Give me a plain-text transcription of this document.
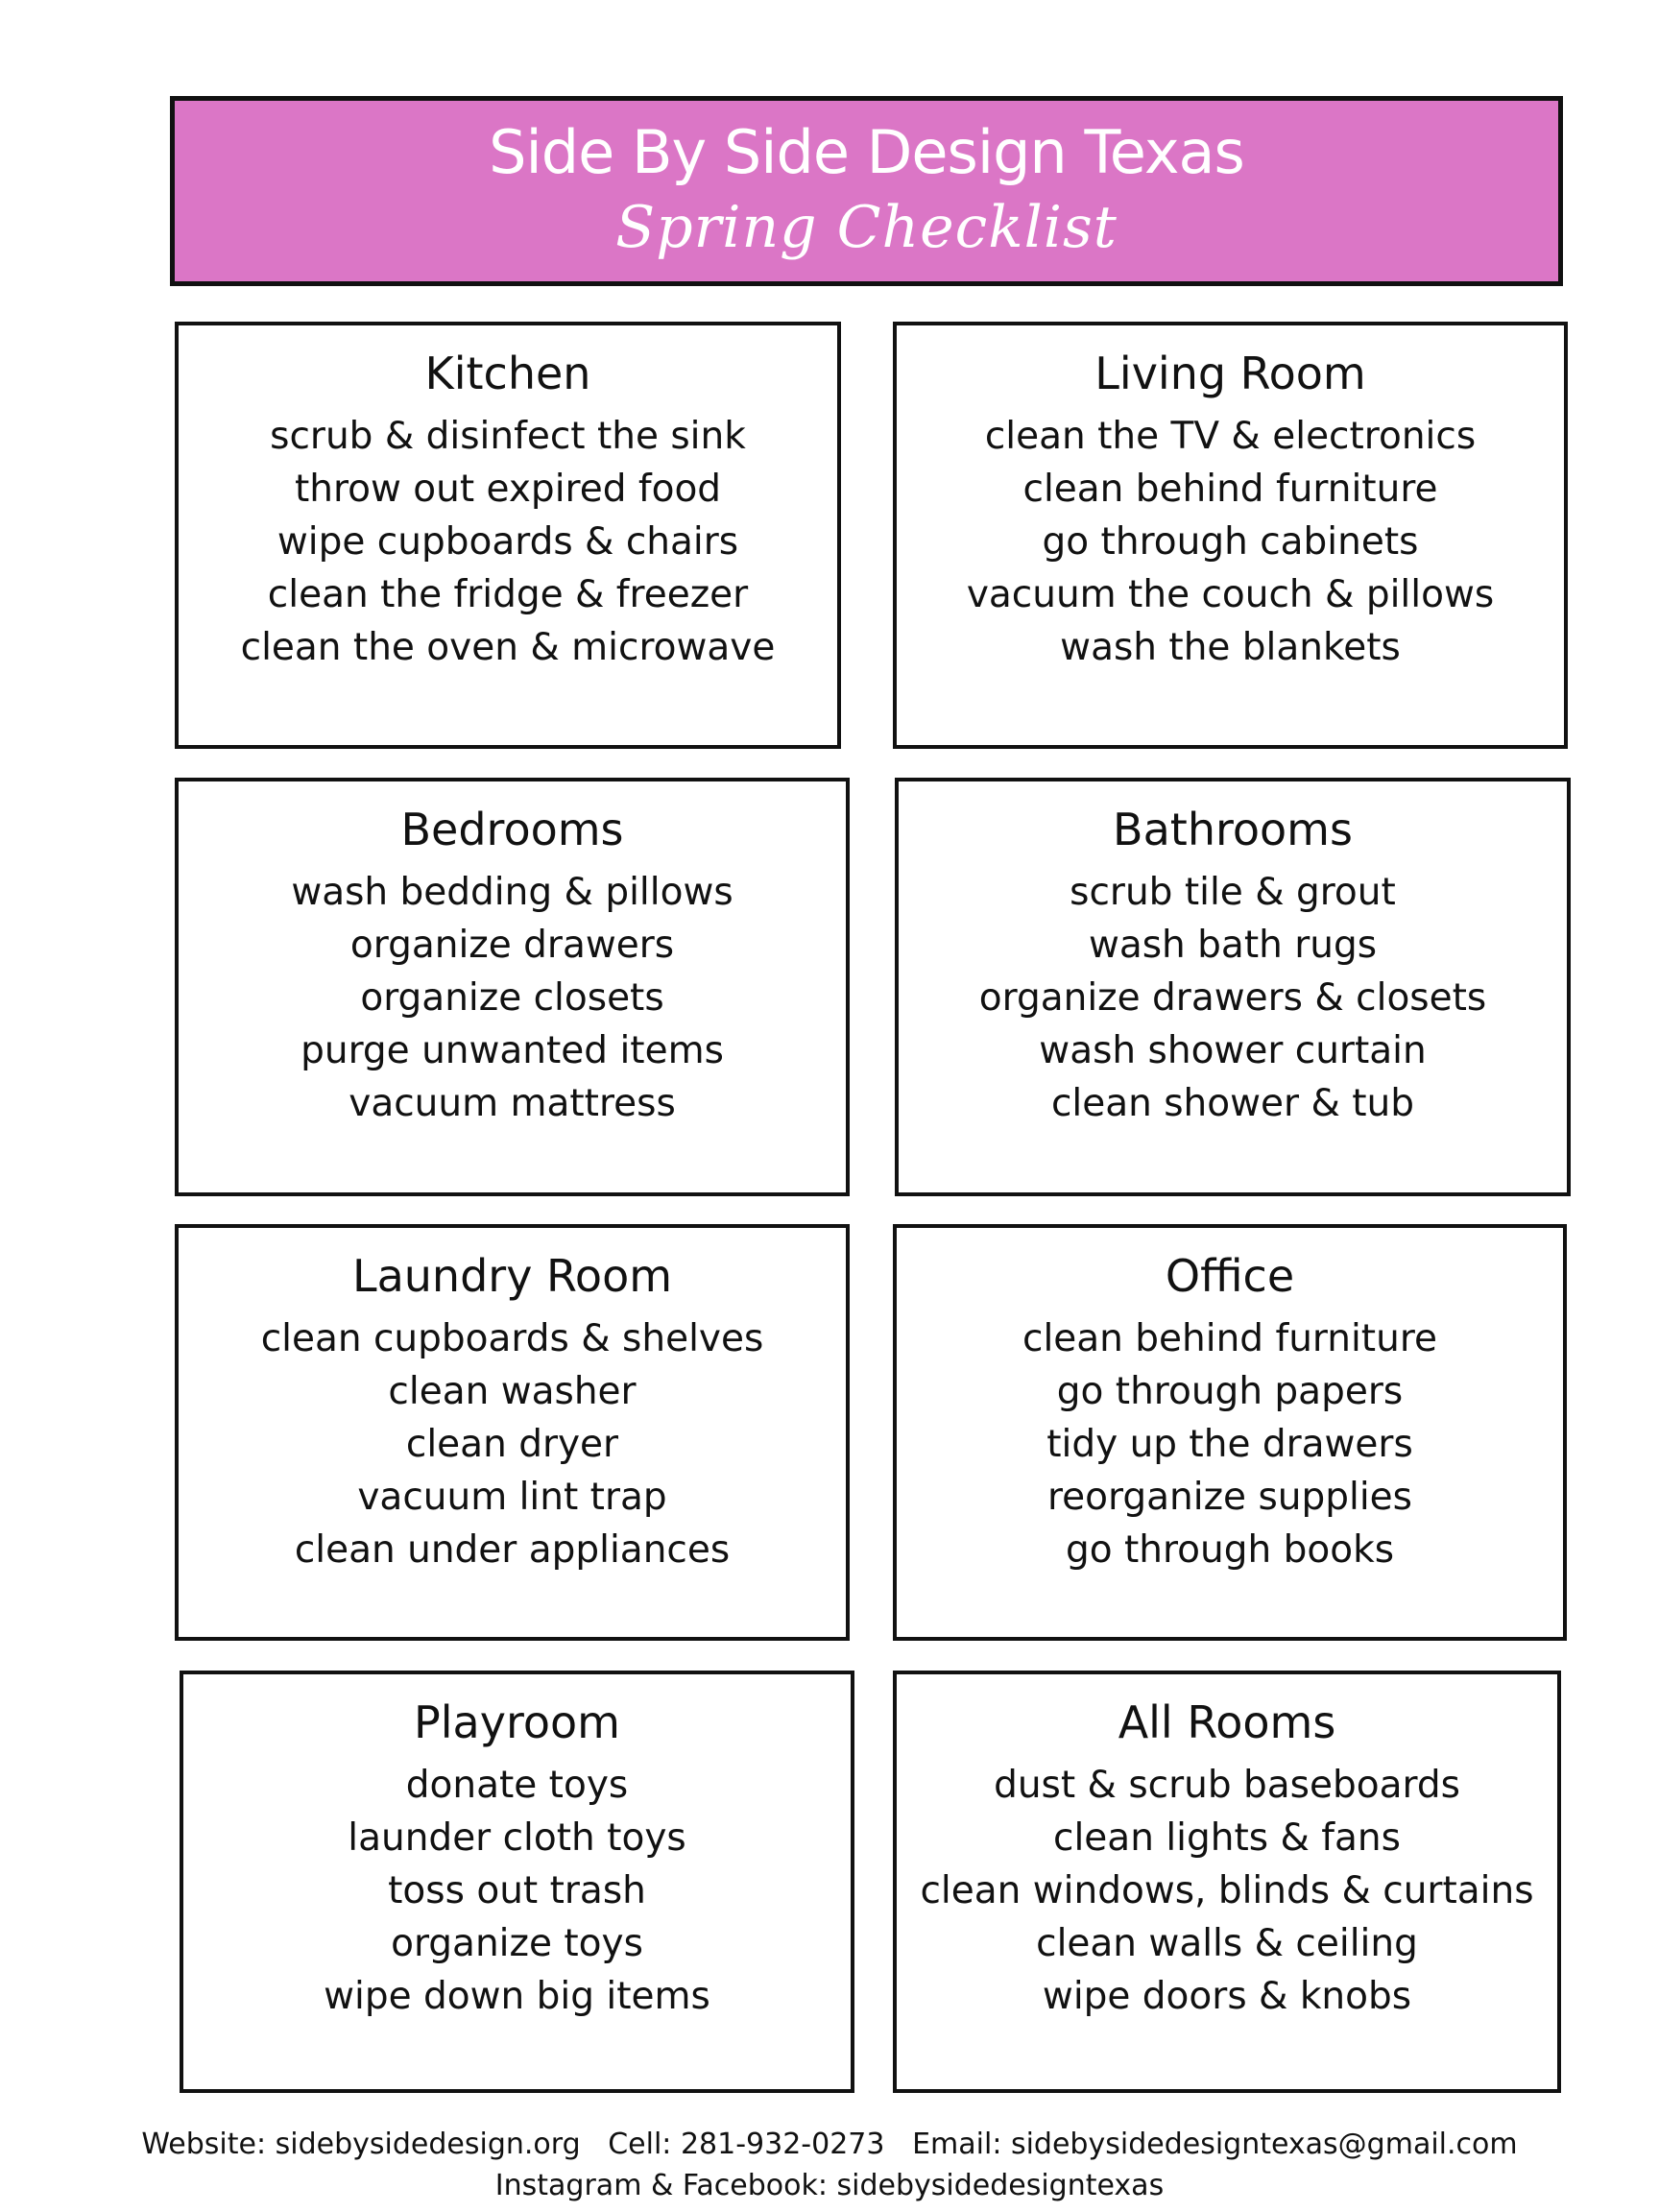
Side By Side Design Texas
Spring Checklist
Kitchen
scrub & disinfect the sink
throw out expired food
wipe cupboards & chairs
clean the fridge & freezer
clean the oven & microwave
Living Room
clean the TV & electronics
clean behind furniture
go through cabinets
vacuum the couch & pillows
wash the blankets
Bedrooms
wash bedding & pillows
organize drawers
organize closets
purge unwanted items
vacuum mattress
Bathrooms
scrub tile & grout
wash bath rugs
organize drawers & closets
wash shower curtain
clean shower & tub
Laundry Room
clean cupboards & shelves
clean washer
clean dryer
vacuum lint trap
clean under appliances
Office
clean behind furniture
go through papers
tidy up the drawers
reorganize supplies
go through books
Playroom
donate toys
launder cloth toys
toss out trash
organize toys
wipe down big items
All Rooms
dust & scrub baseboards
clean lights & fans
clean windows, blinds & curtains
clean walls & ceiling
wipe doors & knobs
Website: sidebysidedesign.org Cell: 281-932-0273 Email: sidebysidedesigntexas@gmail.com
Instagram & Facebook: sidebysidedesigntexas
